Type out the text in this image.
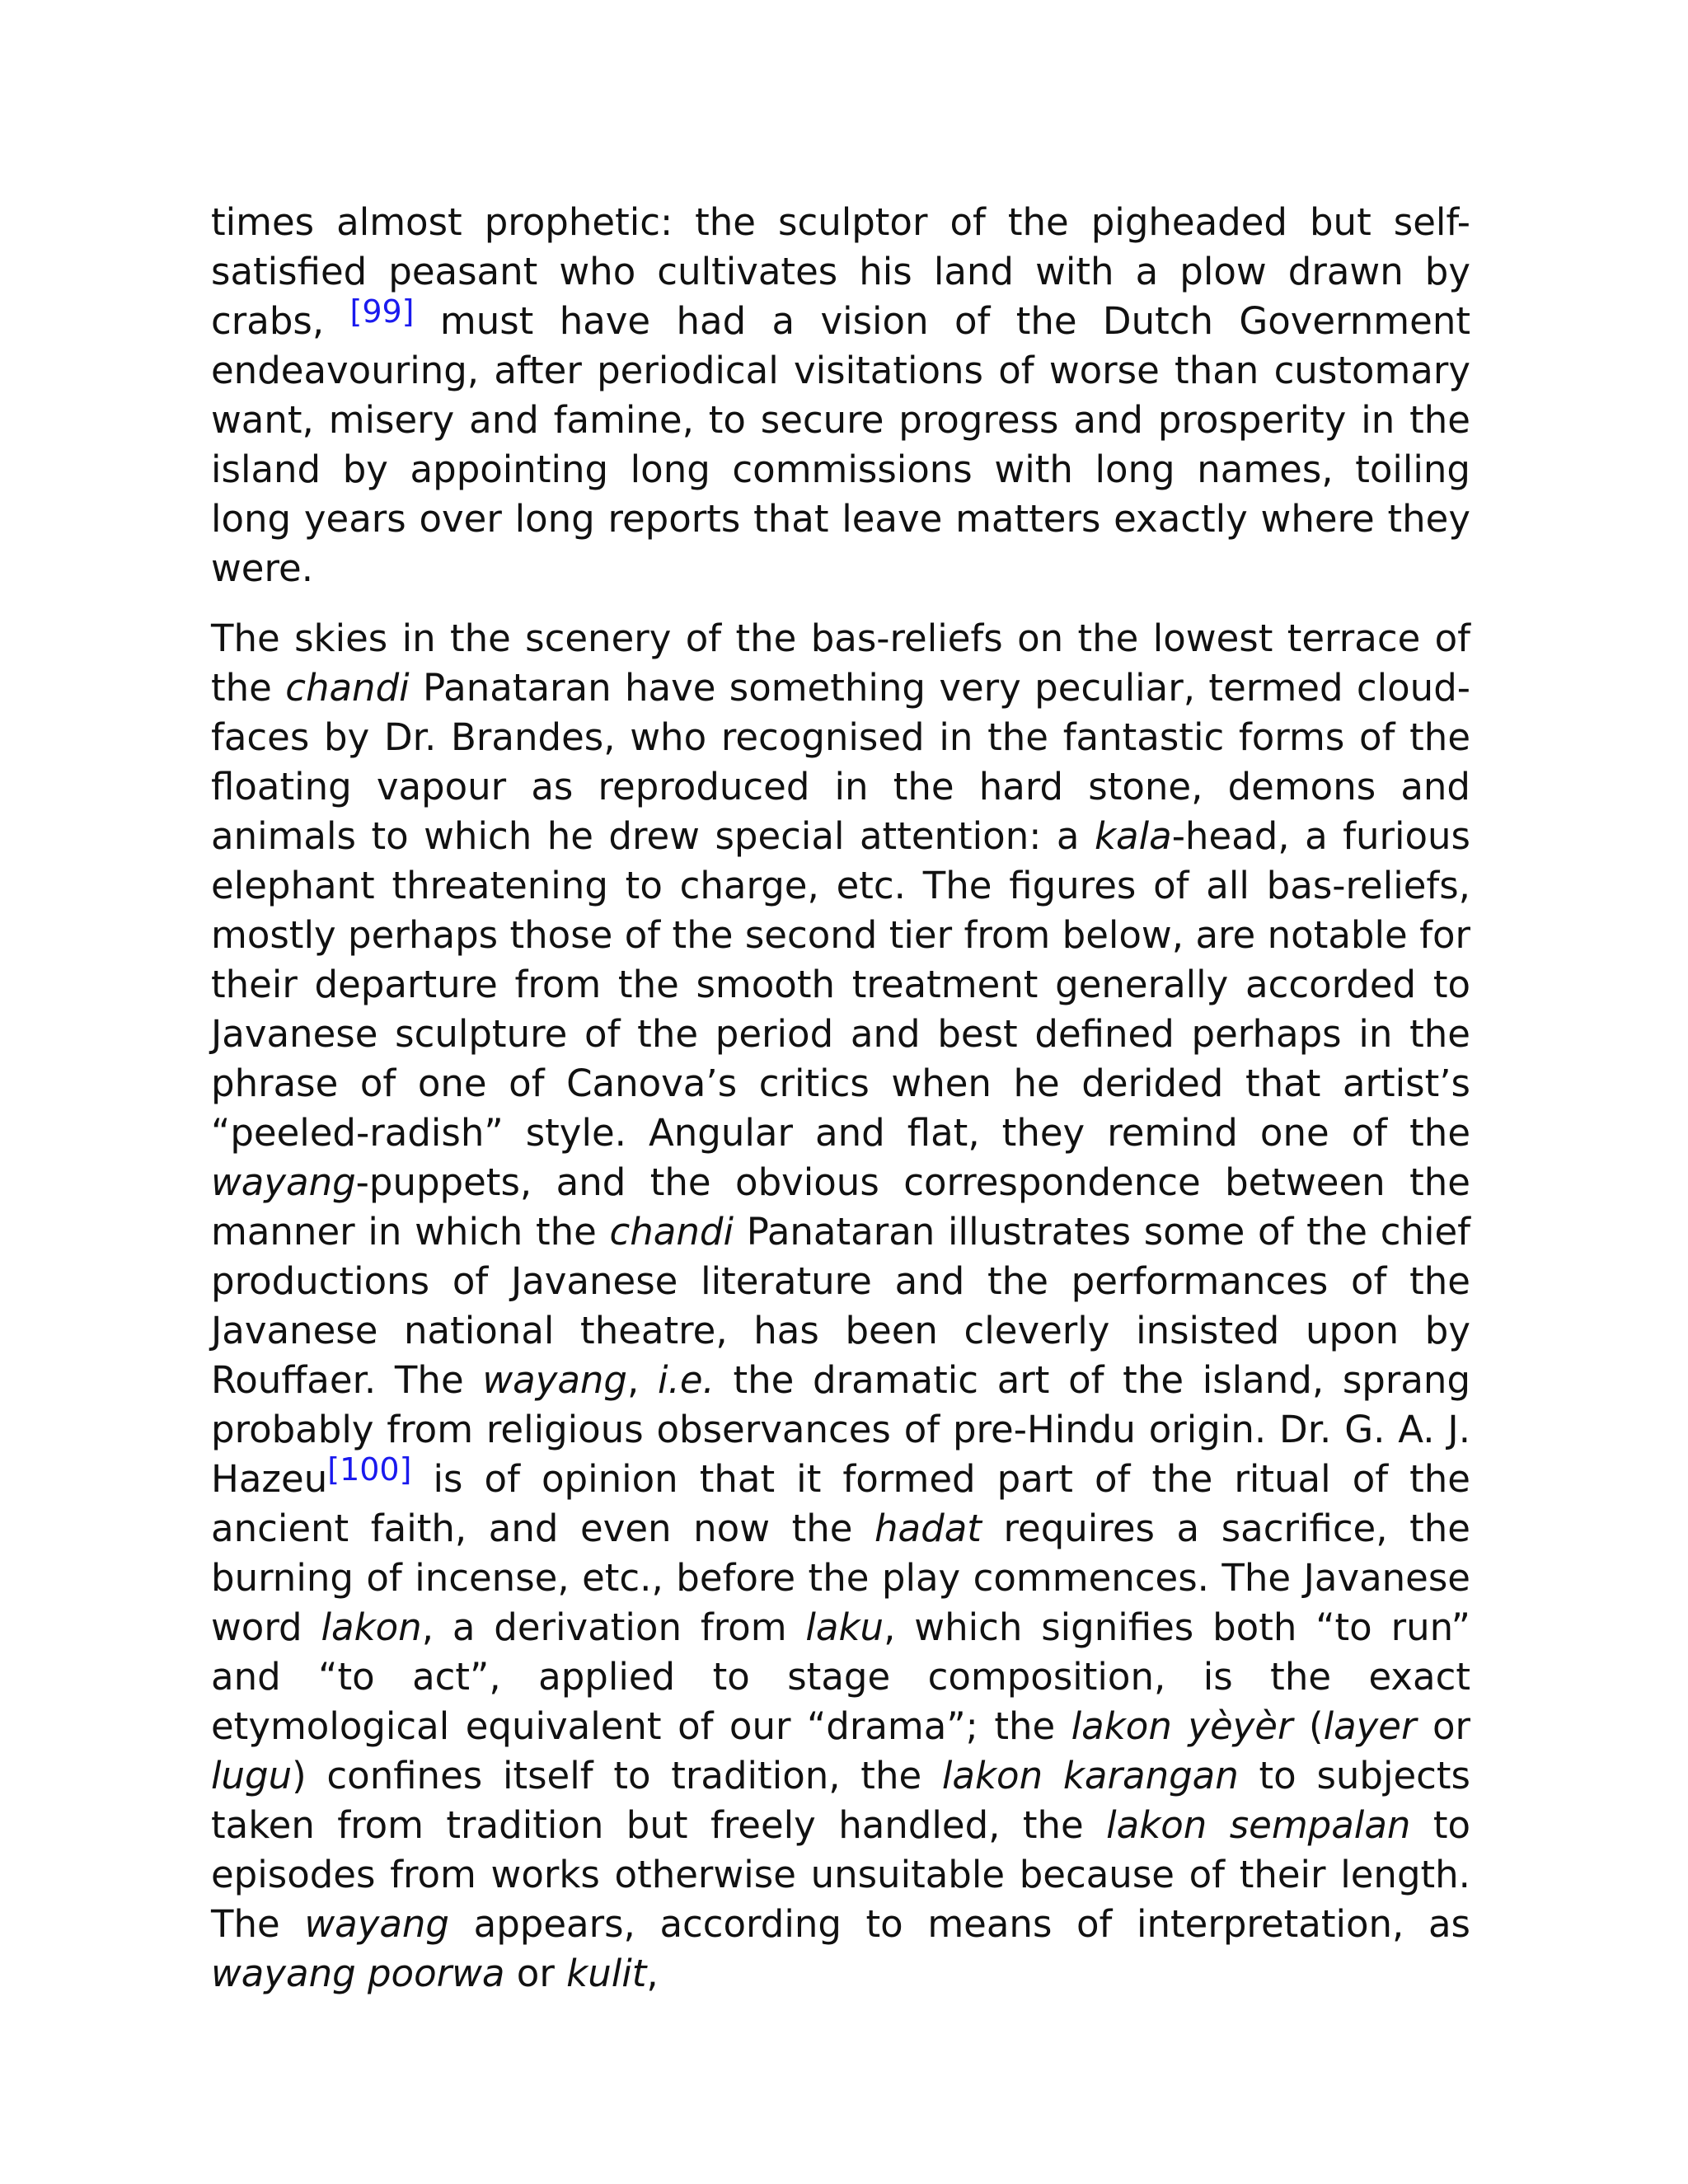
times almost prophetic: the sculptor of the pigheaded but self-satisfied peasant who cultivates his land with a plow drawn by crabs, [99] must have had a vision of the Dutch Government endeavouring, after periodical visitations of worse than customary want, misery and famine, to secure progress and prosperity in the island by appointing long commissions with long names, toiling long years over long reports that leave matters exactly where they were.

The skies in the scenery of the bas-reliefs on the lowest terrace of the chandi Panataran have something very peculiar, termed cloud-faces by Dr. Brandes, who recognised in the fantastic forms of the floating vapour as reproduced in the hard stone, demons and animals to which he drew special attention: a kala-head, a furious elephant threatening to charge, etc. The figures of all bas-reliefs, mostly perhaps those of the second tier from below, are notable for their departure from the smooth treatment generally accorded to Javanese sculpture of the period and best defined perhaps in the phrase of one of Canova’s critics when he derided that artist’s “peeled-radish” style. Angular and flat, they remind one of the wayang-puppets, and the obvious correspondence between the manner in which the chandi Panataran illustrates some of the chief productions of Javanese literature and the performances of the Javanese national theatre, has been cleverly insisted upon by Rouffaer. The wayang, i.e. the dramatic art of the island, sprang probably from religious observances of pre-Hindu origin. Dr. G. A. J. Hazeu[100] is of opinion that it formed part of the ritual of the ancient faith, and even now the hadat requires a sacrifice, the burning of incense, etc., before the play commences. The Javanese word lakon, a derivation from laku, which signifies both “to run” and “to act”, applied to stage composition, is the exact etymological equivalent of our “drama”; the lakon yèyèr (layer or lugu) confines itself to tradition, the lakon karangan to subjects taken from tradition but freely handled, the lakon sempalan to episodes from works otherwise unsuitable because of their length. The wayang appears, according to means of interpretation, as wayang poorwa or kulit,
